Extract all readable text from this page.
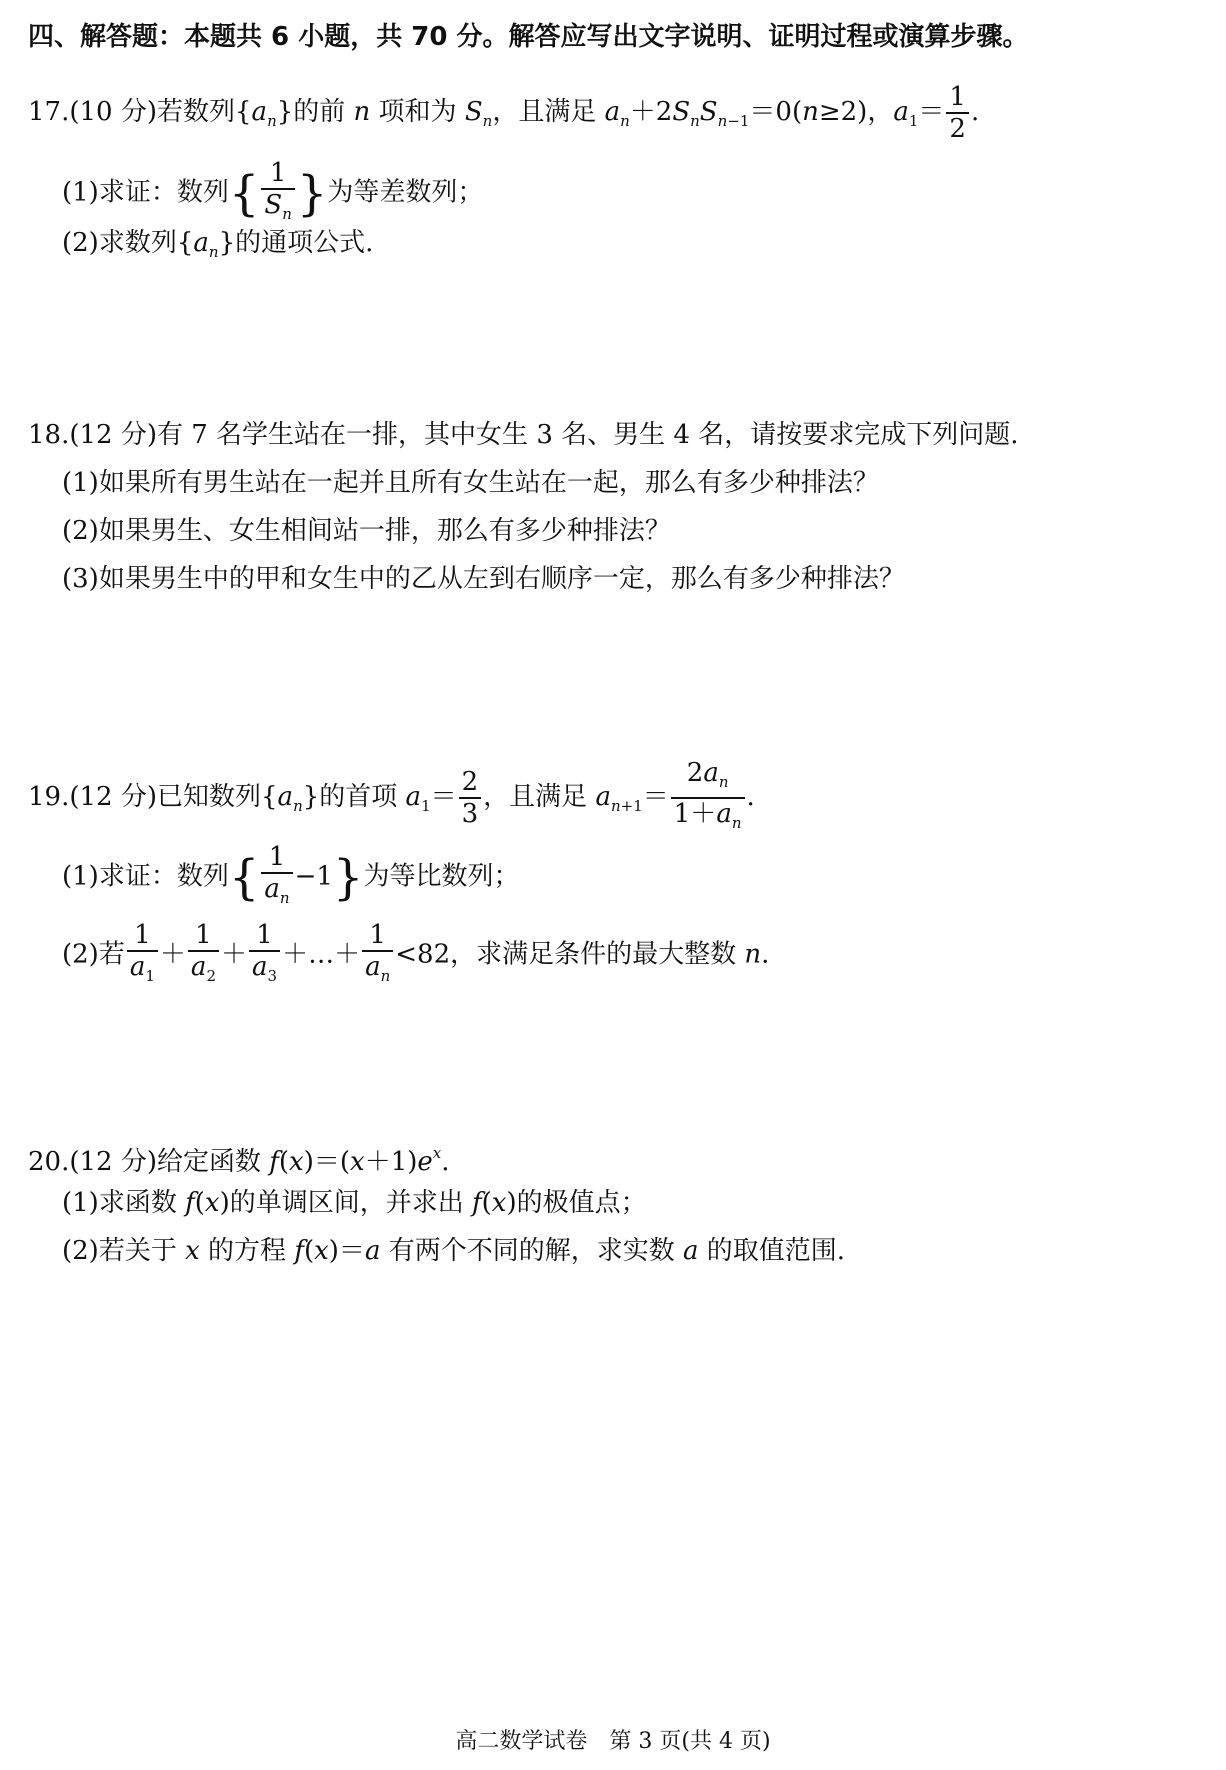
四、解答题：本题共 6 小题，共 70 分。解答应写出文字说明、证明过程或演算步骤。
17.(10 分)若数列$\{a_n\}$的前 n 项和为 $S_n$，且满足 $a_n+2S_nS_{n-1}=0(n\ge 2)$，$a_1= \frac{1}{2}$ .
(1)求证：数列{ $\frac{1}{S_n}$ }为等差数列；
(2)求数列$\{a_n\}$的通项公式.
18.(12 分)有 7 名学生站在一排，其中女生 3 名、男生 4 名，请按要求完成下列问题.
(1)如果所有男生站在一起并且所有女生站在一起，那么有多少种排法？
(2)如果男生、女生相间站一排，那么有多少种排法？
(3)如果男生中的甲和女生中的乙从左到右顺序一定，那么有多少种排法？
19.(12 分)已知数列$\{a_n\}$的首项 $a_1= \frac{2}{3}$ ，且满足 $a_{n+1}= \frac{2a_n}{1+a_n}$ .
(1)求证：数列{ $\frac{1}{a_n} -1$}为等比数列；
(2)若 $\frac{1}{a_1} + \frac{1}{a_2} + \frac{1}{a_3}$ ＋…＋ $\frac{1}{a_n} <82$，求满足条件的最大整数 n.
20.(12 分)给定函数 $f(x)=(x+1)e^x$.
(1)求函数 f(x)的单调区间，并求出 f(x)的极值点；
(2)若关于 x 的方程 f(x)＝a 有两个不同的解，求实数 a 的取值范围.
高二数学试卷　第 3 页(共 4 页)
